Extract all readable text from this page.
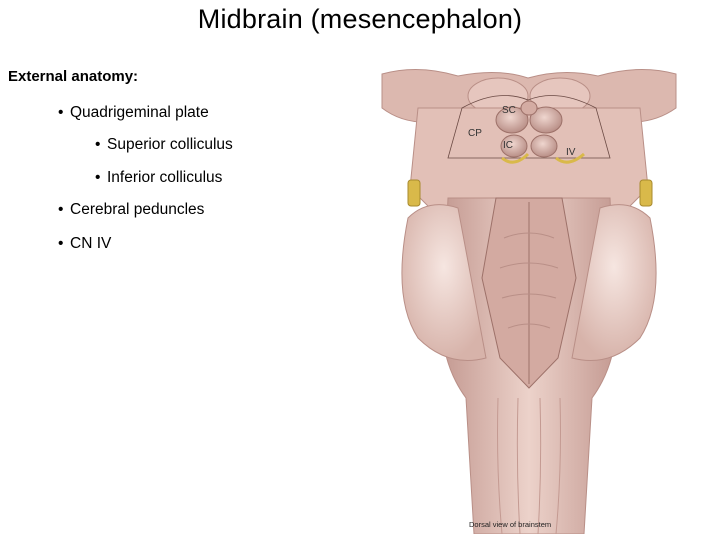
Midbrain (mesencephalon)
External anatomy:
• Quadrigeminal plate
• Superior colliculus
• Inferior colliculus
• Cerebral peduncles
• CN IV
SC
CP
IC
IV
Dorsal view of brainstem
